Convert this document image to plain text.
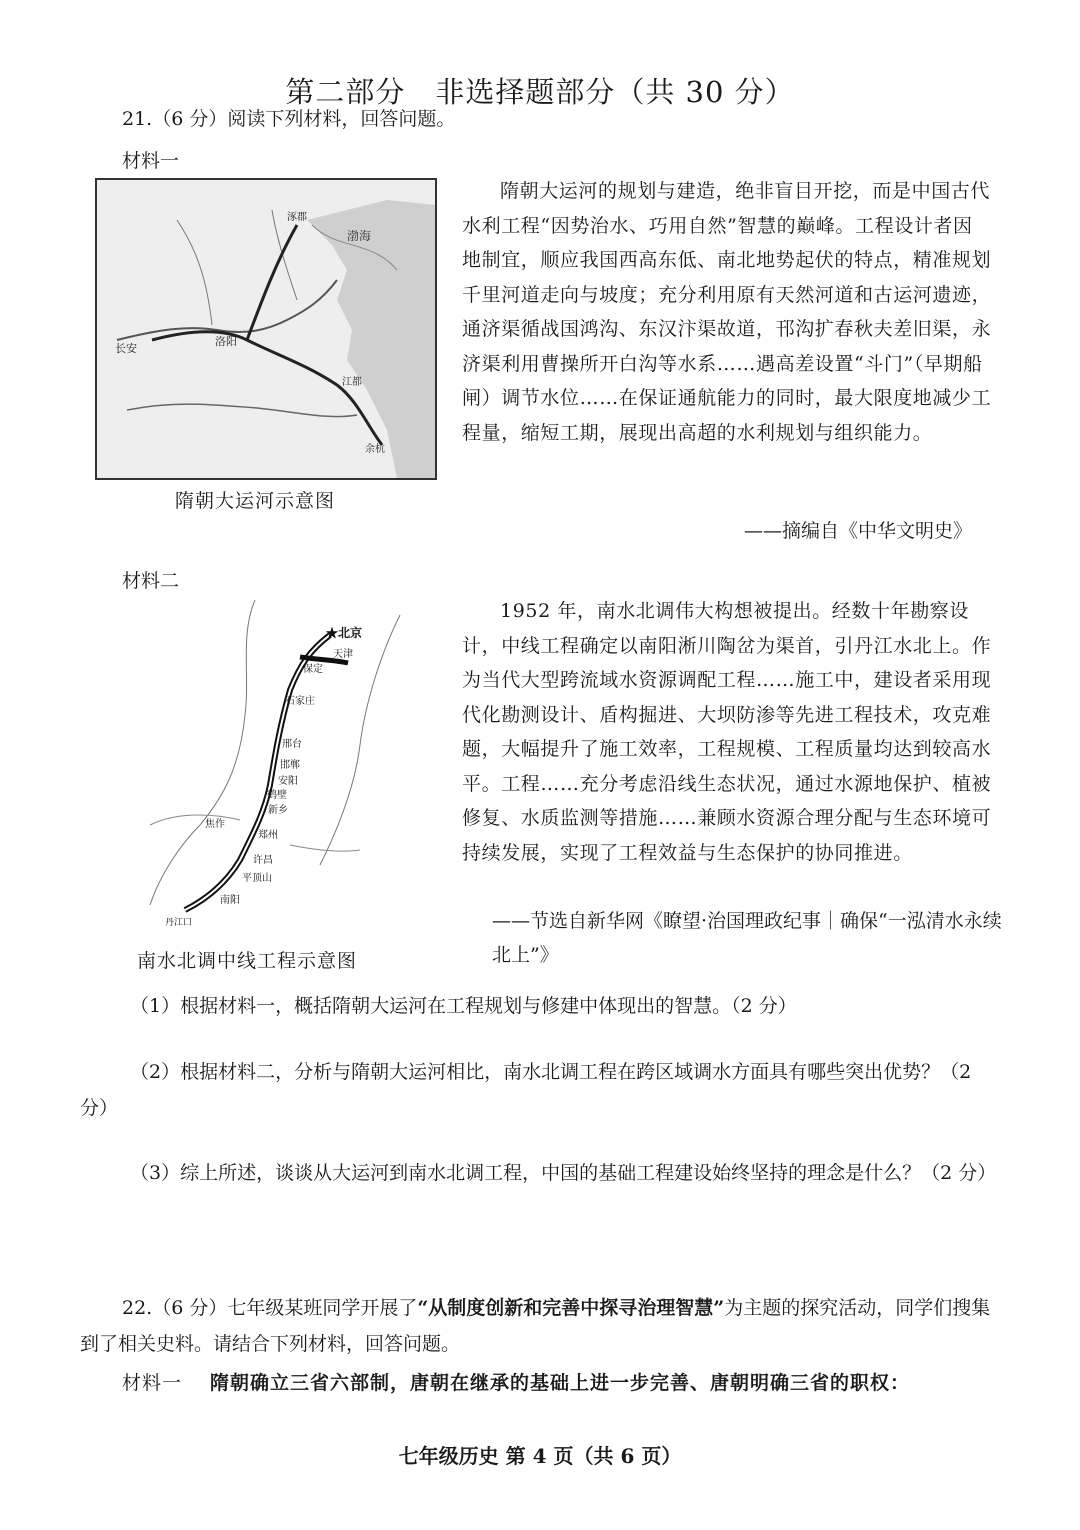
第二部分　非选择题部分（共 30 分）
21.（6 分）阅读下列材料，回答问题。
材料一
长安
洛阳
涿郡
渤海
江都
余杭
隋朝大运河示意图
隋朝大运河的规划与建造，绝非盲目开挖，而是中国古代水利工程“因势治水、巧用自然”智慧的巅峰。工程设计者因地制宜，顺应我国西高东低、南北地势起伏的特点，精准规划千里河道走向与坡度；充分利用原有天然河道和古运河遗迹，通济渠循战国鸿沟、东汉汴渠故道，邗沟扩春秋夫差旧渠，永济渠利用曹操所开白沟等水系……遇高差设置“斗门”（早期船闸）调节水位……在保证通航能力的同时，最大限度地减少工程量，缩短工期，展现出高超的水利规划与组织能力。
——摘编自《中华文明史》
材料二
★北京
天津
保定
石家庄
邢台
邯郸
安阳
鹤壁
新乡
焦作
郑州
许昌
平顶山
南阳
丹江口
南水北调中线工程示意图
1952 年，南水北调伟大构想被提出。经数十年勘察设计，中线工程确定以南阳淅川陶岔为渠首，引丹江水北上。作为当代大型跨流域水资源调配工程……施工中，建设者采用现代化勘测设计、盾构掘进、大坝防渗等先进工程技术，攻克难题，大幅提升了施工效率，工程规模、工程质量均达到较高水平。工程……充分考虑沿线生态状况，通过水源地保护、植被修复、水质监测等措施……兼顾水资源合理分配与生态环境可持续发展，实现了工程效益与生态保护的协同推进。
——节选自新华网《瞭望·治国理政纪事｜确保“一泓清水永续北上”》
（1）根据材料一，概括隋朝大运河在工程规划与修建中体现出的智慧。（2 分）
（2）根据材料二，分析与隋朝大运河相比，南水北调工程在跨区域调水方面具有哪些突出优势？（2 分）
（3）综上所述，谈谈从大运河到南水北调工程，中国的基础工程建设始终坚持的理念是什么？（2 分）
22.（6 分）七年级某班同学开展了“从制度创新和完善中探寻治理智慧”为主题的探究活动，同学们搜集到了相关史料。请结合下列材料，回答问题。
材料一 隋朝确立三省六部制，唐朝在继承的基础上进一步完善、唐朝明确三省的职权：
七年级历史 第 4 页（共 6 页）
